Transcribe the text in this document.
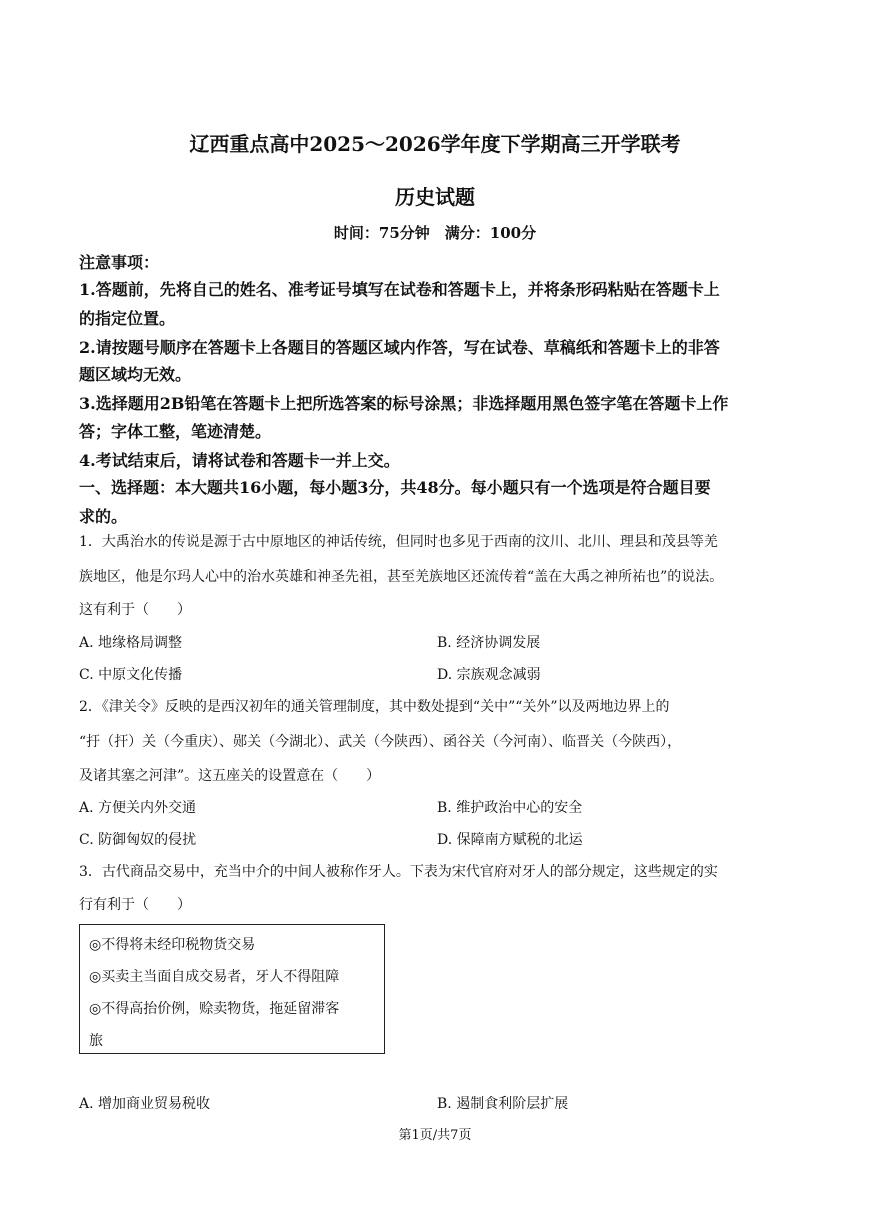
辽西重点高中2025～2026学年度下学期高三开学联考
历史试题
时间：75分钟　满分：100分
注意事项：
1.答题前，先将自己的姓名、准考证号填写在试卷和答题卡上，并将条形码粘贴在答题卡上
的指定位置。
2.请按题号顺序在答题卡上各题目的答题区域内作答，写在试卷、草稿纸和答题卡上的非答
题区域均无效。
3.选择题用2B铅笔在答题卡上把所选答案的标号涂黑；非选择题用黑色签字笔在答题卡上作
答；字体工整，笔迹清楚。
4.考试结束后，请将试卷和答题卡一并上交。
一、选择题：本大题共16小题，每小题3分，共48分。每小题只有一个选项是符合题目要
求的。
1．大禹治水的传说是源于古中原地区的神话传统，但同时也多见于西南的汶川、北川、理县和茂县等羌
族地区，他是尔玛人心中的治水英雄和神圣先祖，甚至羌族地区还流传着“盖在大禹之神所祐也”的说法。
这有利于（　　）
A. 地缘格局调整	B. 经济协调发展
C. 中原文化传播	D. 宗族观念减弱
2．《津关令》反映的是西汉初年的通关管理制度，其中数处提到“关中”“关外”以及两地边界上的
“扜（扞）关（今重庆）、郧关（今湖北）、武关（今陕西）、函谷关（今河南）、临晋关（今陕西），
及诸其塞之河津”。这五座关的设置意在（　　）
A. 方便关内外交通	B. 维护政治中心的安全
C. 防御匈奴的侵扰	D. 保障南方赋税的北运
3．古代商品交易中，充当中介的中间人被称作牙人。下表为宋代官府对牙人的部分规定，这些规定的实
行有利于（　　）
◎不得将未经印税物货交易
◎买卖主当面自成交易者，牙人不得阻障
◎不得高抬价例，赊卖物货，拖延留滞客
旅
A. 增加商业贸易税收	B. 遏制食利阶层扩展
第1页/共7页
